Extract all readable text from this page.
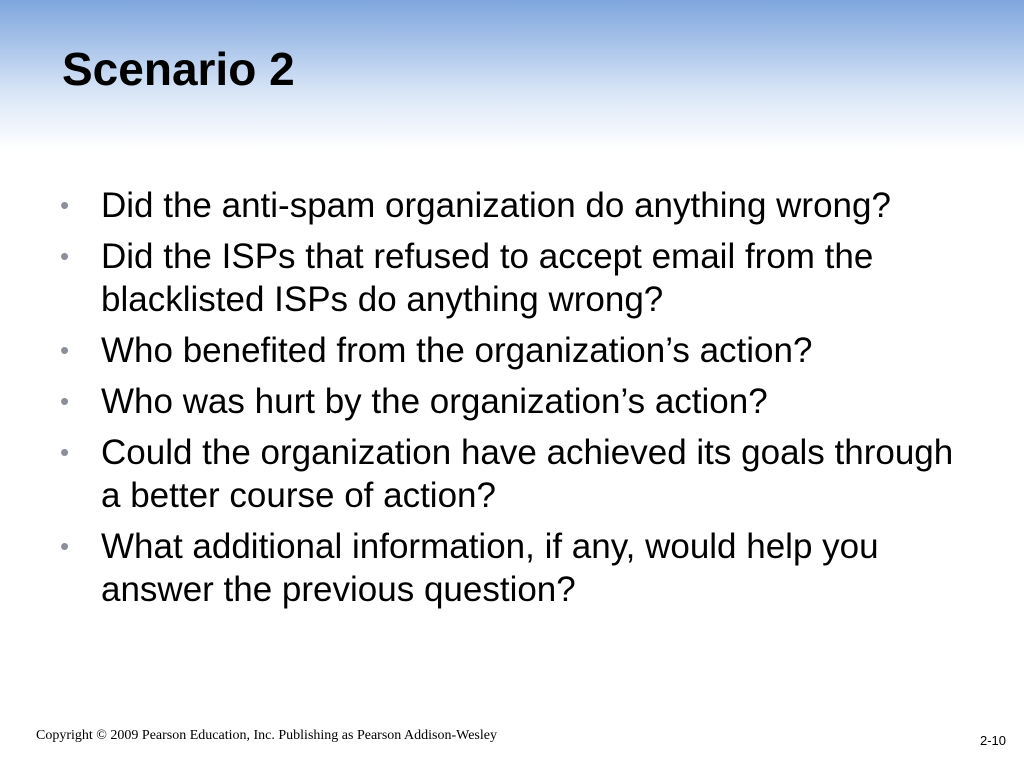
Scenario 2
• Did the anti-spam organization do anything wrong?
• Did the ISPs that refused to accept email from the blacklisted ISPs do anything wrong?
• Who benefited from the organization’s action?
• Who was hurt by the organization’s action?
• Could the organization have achieved its goals through a better course of action?
• What additional information, if any, would help you answer the previous question?
Copyright © 2009 Pearson Education, Inc. Publishing as Pearson Addison-Wesley	2-10
